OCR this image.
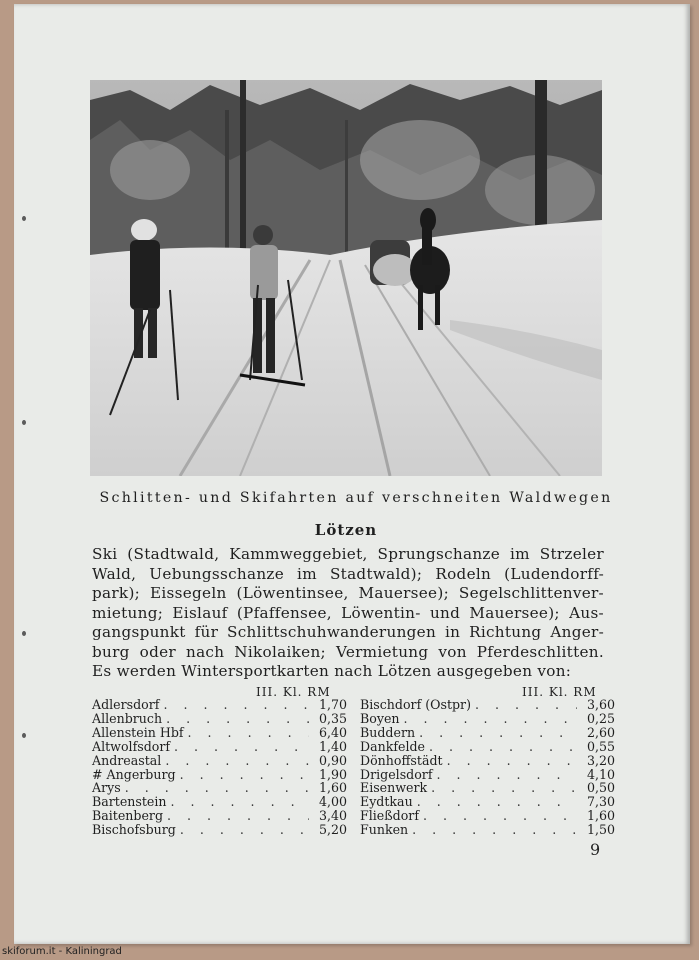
Schlitten- und Skifahrten auf verschneiten Waldwegen
Lötzen
Ski (Stadtwald, Kammweggebiet, Sprungschanze im Strzeler
Wald, Uebungsschanze im Stadtwald); Rodeln (Ludendorff-
park); Eissegeln (Löwentinsee, Mauersee); Segelschlittenver-
mietung; Eislauf (Pfaffensee, Löwentin- und Mauersee); Aus-
gangspunkt für Schlittschuhwanderungen in Richtung Anger-
burg oder nach Nikolaiken; Vermietung von Pferdeschlitten.
Es werden Wintersportkarten nach Lötzen ausgegeben von:
III. Kl. RM	III. Kl. RM
Adlersdorf . . .	1,70
Allenbruch . . .	0,35
Allenstein Hbf . . .	6,40
Altwolfsdorf . . .	1,40
Andreastal . . .	0,90
# Angerburg . . .	1,90
Arys . . .	1,60
Bartenstein . . .	4,00
Baitenberg . . .	3,40
Bischofsburg . . .	5,20
Bischdorf (Ostpr) . . .	3,60
Boyen . . .	0,25
Buddern . . .	2,60
Dankfelde . . .	0,55
Dönhoffstädt . . .	3,20
Drigelsdorf . . .	4,10
Eisenwerk . . .	0,50
Eydtkau . . .	7,30
Fließdorf . . .	1,60
Funken . . .	1,50
9
skiforum.it - Kaliningrad
